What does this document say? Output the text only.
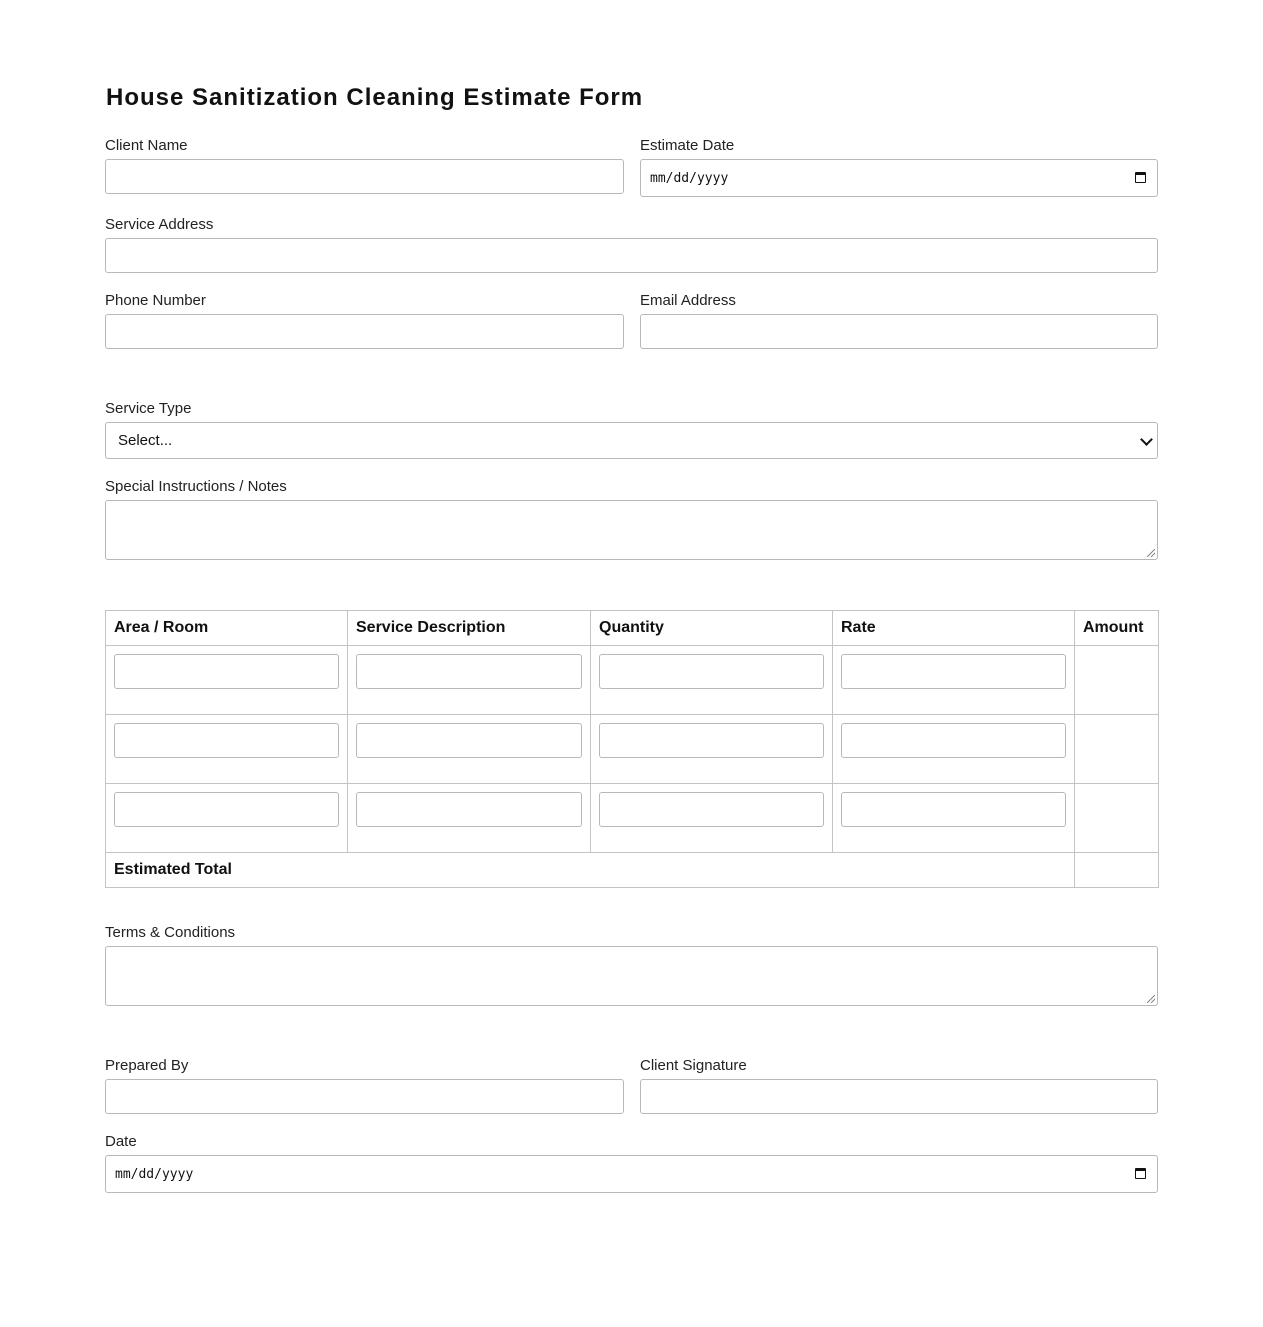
House Sanitization Cleaning Estimate Form
Client Name	Estimate Date
mm/dd/yyyy
Service Address
Phone Number	Email Address
Service Type
Select...
Special Instructions / Notes
Area / Room	Service Description	Quantity	Rate	Amount

Estimated Total				
Terms & Conditions
Prepared By	Client Signature
Date
mm/dd/yyyy
